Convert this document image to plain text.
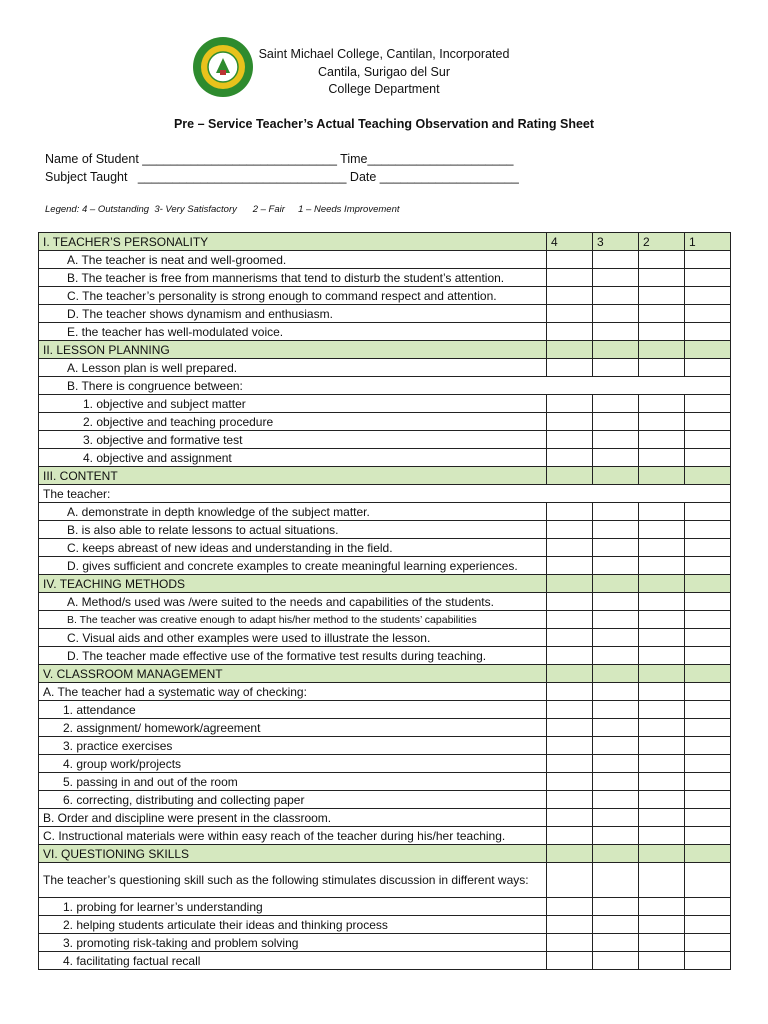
Saint Michael College, Cantilan, Incorporated
Cantila, Surigao del Sur
College Department
Pre – Service Teacher’s Actual Teaching Observation and Rating Sheet
Name of Student ____________________________ Time_____________________
Subject Taught   ______________________________ Date ____________________
Legend: 4 – Outstanding  3- Very Satisfactory      2 – Fair     1 – Needs Improvement
I. TEACHER’S PERSONALITY	4	3	2	1
A. The teacher is neat and well-groomed.				
B. The teacher is free from mannerisms that tend to disturb the student’s attention.				
C. The teacher’s personality is strong enough to command respect and attention.				
D. The teacher shows dynamism and enthusiasm.				
E. the teacher has well-modulated voice.				
II. LESSON PLANNING				
A. Lesson plan is well prepared.				
B. There is congruence between:				
1. objective and subject matter				
2. objective and teaching procedure				
3. objective and formative test				
4. objective and assignment				
III. CONTENT				
The teacher:				
A. demonstrate in depth knowledge of the subject matter.				
B. is also able to relate lessons to actual situations.				
C. keeps abreast of new ideas and understanding in the field.				
D. gives sufficient and concrete examples to create meaningful learning experiences.				
IV. TEACHING METHODS				
A. Method/s used was /were suited to the needs and capabilities of the students.				
B. The teacher was creative enough to adapt his/her method to the students’ capabilities				
C. Visual aids and other examples were used to illustrate the lesson.				
D. The teacher made effective use of the formative test results during teaching.				
V. CLASSROOM MANAGEMENT				
A. The teacher had a systematic way of checking:				
1. attendance				
2. assignment/ homework/agreement				
3. practice exercises				
4. group work/projects				
5. passing in and out of the room				
6. correcting, distributing and collecting paper				
B. Order and discipline were present in the classroom.				
C. Instructional materials were within easy reach of the teacher during his/her teaching.				
VI. QUESTIONING SKILLS				
The teacher’s questioning skill such as the following stimulates discussion in different ways:				
1. probing for learner’s understanding				
2. helping students articulate their ideas and thinking process				
3. promoting risk-taking and problem solving				
4. facilitating factual recall				
